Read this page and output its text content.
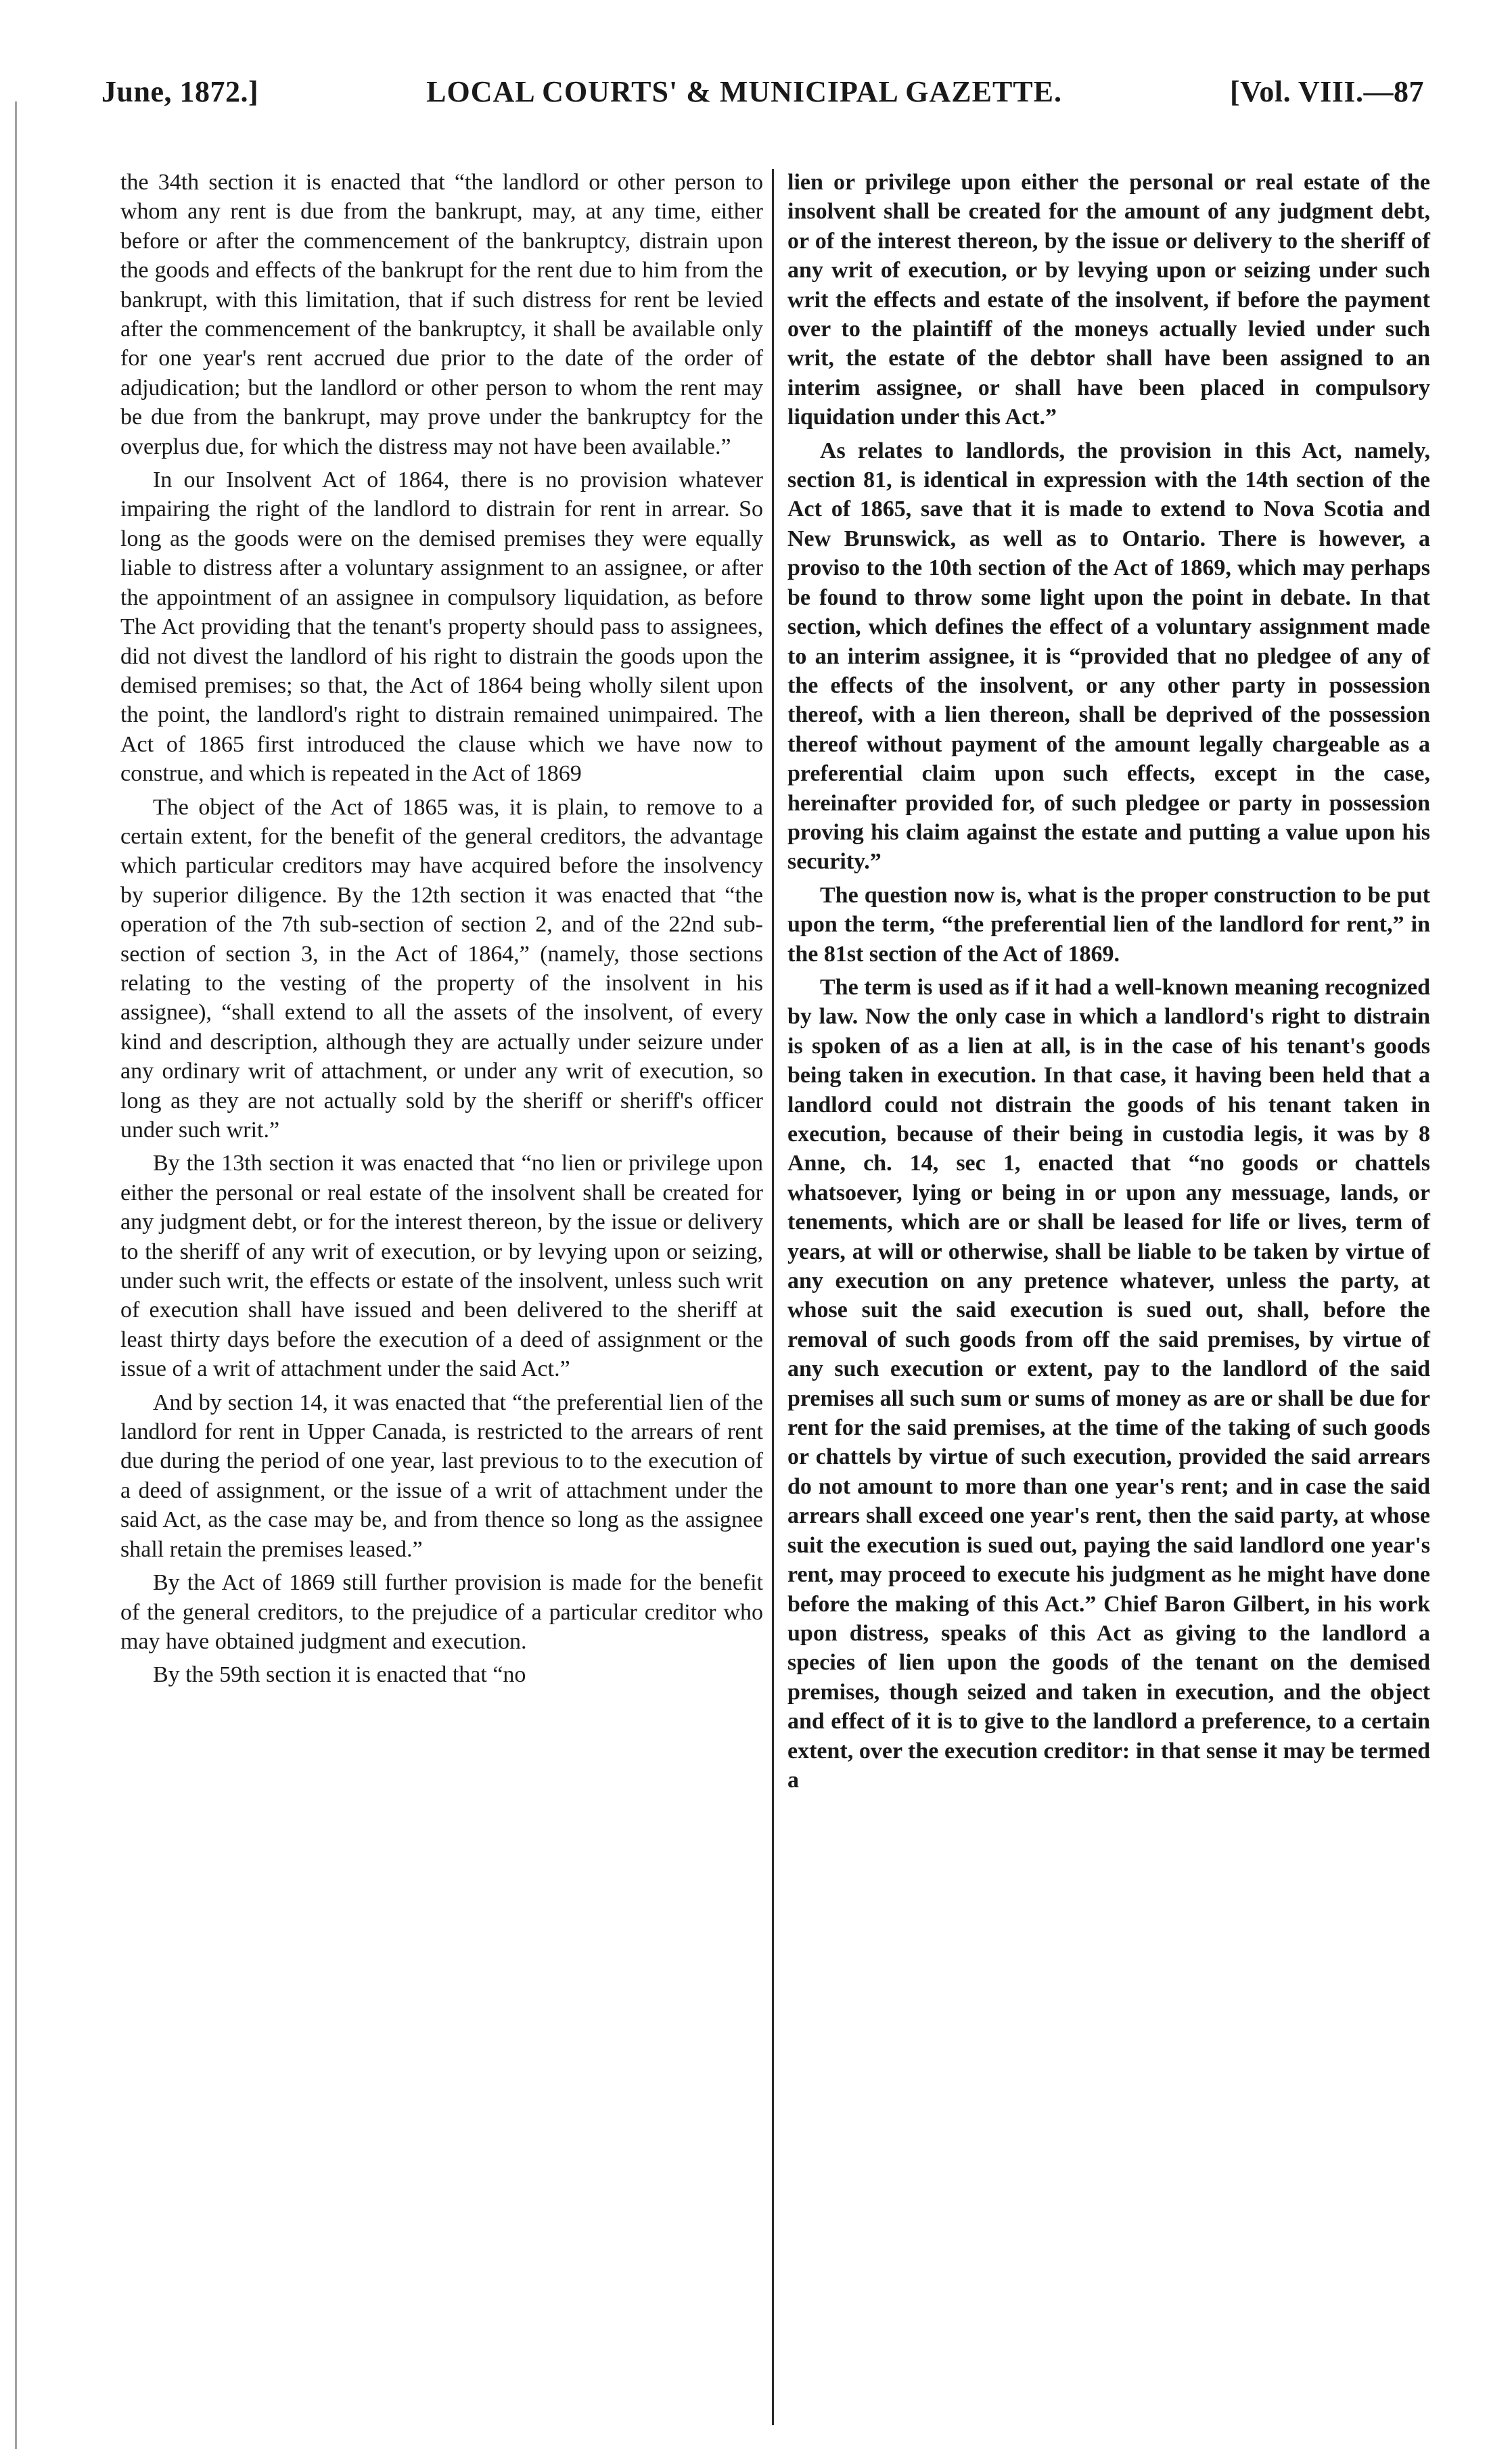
June, 1872.]	LOCAL COURTS' & MUNICIPAL GAZETTE.	[Vol. VIII.—87

the 34th section it is enacted that “the landlord or other person to whom any rent is due from the bankrupt, may, at any time, either before or after the commencement of the bankruptcy, distrain upon the goods and effects of the bankrupt for the rent due to him from the bankrupt, with this limitation, that if such distress for rent be levied after the commencement of the bankruptcy, it shall be available only for one year's rent accrued due prior to the date of the order of adjudication; but the landlord or other person to whom the rent may be due from the bankrupt, may prove under the bankruptcy for the overplus due, for which the distress may not have been available.”

In our Insolvent Act of 1864, there is no provision whatever impairing the right of the landlord to distrain for rent in arrear. So long as the goods were on the demised premises they were equally liable to distress after a voluntary assignment to an assignee, or after the appointment of an assignee in compulsory liquidation, as before The Act providing that the tenant's property should pass to assignees, did not divest the landlord of his right to distrain the goods upon the demised premises; so that, the Act of 1864 being wholly silent upon the point, the landlord's right to distrain remained unimpaired. The Act of 1865 first introduced the clause which we have now to construe, and which is repeated in the Act of 1869

The object of the Act of 1865 was, it is plain, to remove to a certain extent, for the benefit of the general creditors, the advantage which particular creditors may have acquired before the insolvency by superior diligence. By the 12th section it was enacted that “the operation of the 7th sub-section of section 2, and of the 22nd sub-section of section 3, in the Act of 1864,” (namely, those sections relating to the vesting of the property of the insolvent in his assignee), “shall extend to all the assets of the insolvent, of every kind and description, although they are actually under seizure under any ordinary writ of attachment, or under any writ of execution, so long as they are not actually sold by the sheriff or sheriff's officer under such writ.”

By the 13th section it was enacted that “no lien or privilege upon either the personal or real estate of the insolvent shall be created for any judgment debt, or for the interest thereon, by the issue or delivery to the sheriff of any writ of execution, or by levying upon or seizing, under such writ, the effects or estate of the insolvent, unless such writ of execution shall have issued and been delivered to the sheriff at least thirty days before the execution of a deed of assignment or the issue of a writ of attachment under the said Act.”

And by section 14, it was enacted that “the preferential lien of the landlord for rent in Upper Canada, is restricted to the arrears of rent due during the period of one year, last previous to to the execution of a deed of assignment, or the issue of a writ of attachment under the said Act, as the case may be, and from thence so long as the assignee shall retain the premises leased.”

By the Act of 1869 still further provision is made for the benefit of the general creditors, to the prejudice of a particular creditor who may have obtained judgment and execution.

By the 59th section it is enacted that “no

lien or privilege upon either the personal or real estate of the insolvent shall be created for the amount of any judgment debt, or of the interest thereon, by the issue or delivery to the sheriff of any writ of execution, or by levying upon or seizing under such writ the effects and estate of the insolvent, if before the payment over to the plaintiff of the moneys actually levied under such writ, the estate of the debtor shall have been assigned to an interim assignee, or shall have been placed in compulsory liquidation under this Act.”

As relates to landlords, the provision in this Act, namely, section 81, is identical in expression with the 14th section of the Act of 1865, save that it is made to extend to Nova Scotia and New Brunswick, as well as to Ontario. There is however, a proviso to the 10th section of the Act of 1869, which may perhaps be found to throw some light upon the point in debate. In that section, which defines the effect of a voluntary assignment made to an interim assignee, it is “provided that no pledgee of any of the effects of the insolvent, or any other party in possession thereof, with a lien thereon, shall be deprived of the possession thereof without payment of the amount legally chargeable as a preferential claim upon such effects, except in the case, hereinafter provided for, of such pledgee or party in possession proving his claim against the estate and putting a value upon his security.”

The question now is, what is the proper construction to be put upon the term, “the preferential lien of the landlord for rent,” in the 81st section of the Act of 1869.

The term is used as if it had a well-known meaning recognized by law. Now the only case in which a landlord's right to distrain is spoken of as a lien at all, is in the case of his tenant's goods being taken in execution. In that case, it having been held that a landlord could not distrain the goods of his tenant taken in execution, because of their being in custodia legis, it was by 8 Anne, ch. 14, sec 1, enacted that “no goods or chattels whatsoever, lying or being in or upon any messuage, lands, or tenements, which are or shall be leased for life or lives, term of years, at will or otherwise, shall be liable to be taken by virtue of any execution on any pretence whatever, unless the party, at whose suit the said execution is sued out, shall, before the removal of such goods from off the said premises, by virtue of any such execution or extent, pay to the landlord of the said premises all such sum or sums of money as are or shall be due for rent for the said premises, at the time of the taking of such goods or chattels by virtue of such execution, provided the said arrears do not amount to more than one year's rent; and in case the said arrears shall exceed one year's rent, then the said party, at whose suit the execution is sued out, paying the said landlord one year's rent, may proceed to execute his judgment as he might have done before the making of this Act.” Chief Baron Gilbert, in his work upon distress, speaks of this Act as giving to the landlord a species of lien upon the goods of the tenant on the demised premises, though seized and taken in execution, and the object and effect of it is to give to the landlord a preference, to a certain extent, over the execution creditor: in that sense it may be termed a
